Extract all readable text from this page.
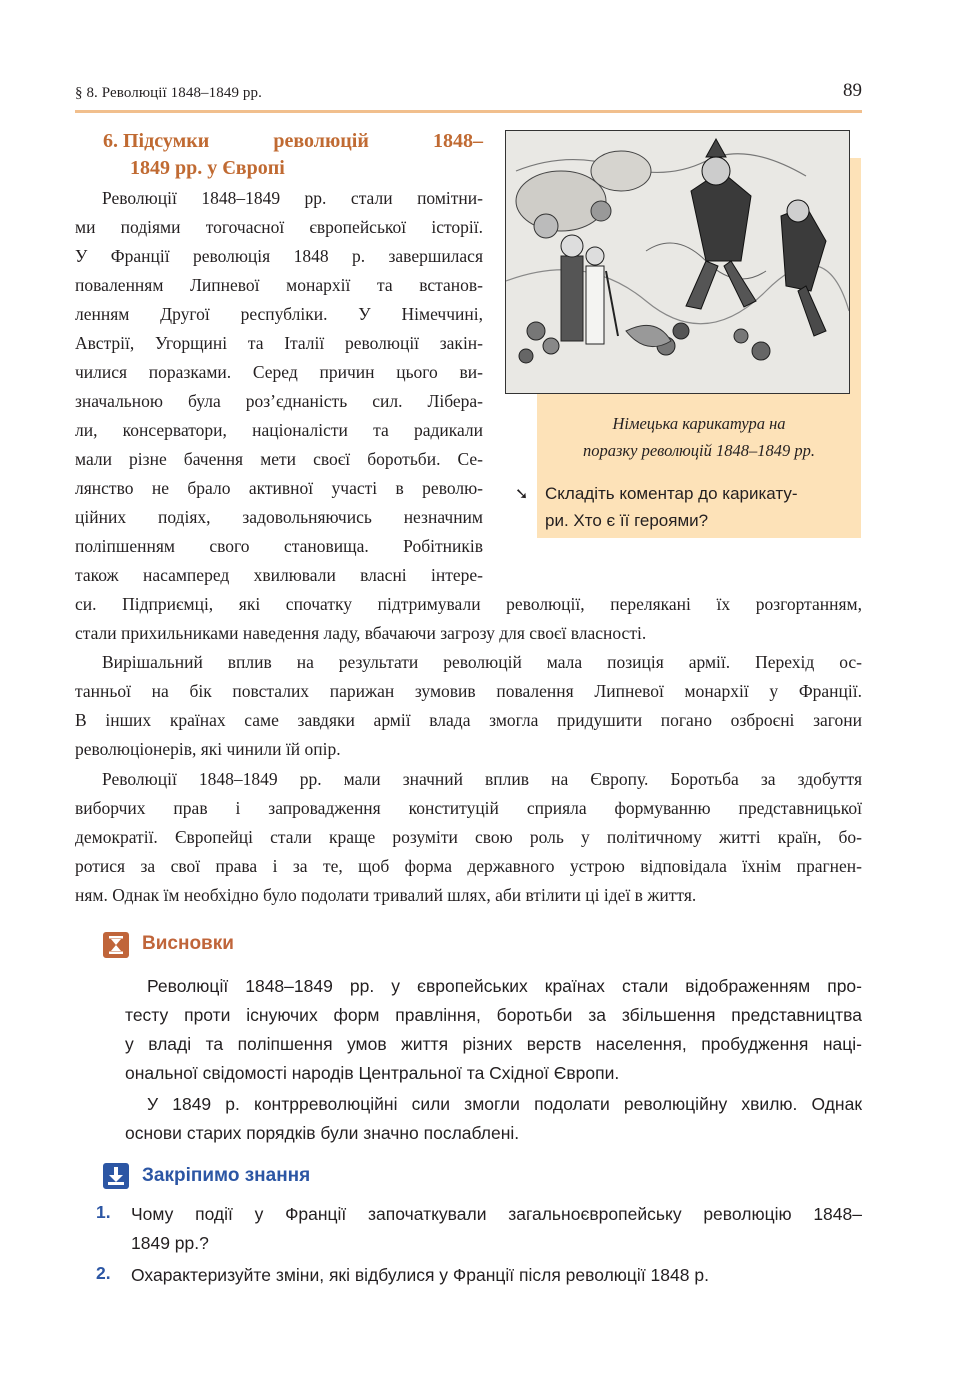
§ 8. Революції 1848–1849 рр.	89
6. Підсумки	революцій	1848–
1849 рр. у Європі
Німецька карикатура на
поразку революцій 1848–1849 рр.
➘ Складіть коментар до карикату-
ри. Хто є її героями?
Революції 1848–1849 рр. стали помітни-
ми подіями тогочасної європейської історії.
У Франції революція 1848 р. завершилася
поваленням Липневої монархії та встанов-
ленням Другої республіки. У Німеччині,
Австрії, Угорщині та Італії революції закін-
чилися поразками. Серед причин цього ви-
значальною була роз’єднаність сил. Лібера-
ли, консерватори, націоналісти та радикали
мали різне бачення мети своєї боротьби. Се-
лянство не брало активної участі в револю-
ційних подіях, задовольняючись незначним
поліпшенням свого становища. Робітників
також насамперед хвилювали власні інтере-
си. Підприємці, які спочатку підтримували революції, перелякані їх розгортанням,
стали прихильниками наведення ладу, вбачаючи загрозу для своєї власності.
Вирішальний вплив на результати революцій мала позиція армії. Перехід ос-
танньої на бік повсталих парижан зумовив повалення Липневої монархії у Франції.
В інших країнах саме завдяки армії влада змогла придушити погано озброєні загони
революціонерів, які чинили їй опір.
Революції 1848–1849 рр. мали значний вплив на Європу. Боротьба за здобуття
виборчих прав і запровадження конституцій сприяла формуванню представницької
демократії. Європейці стали краще розуміти свою роль у політичному житті країн, бо-
ротися за свої права і за те, щоб форма державного устрою відповідала їхнім прагнен-
ням. Однак їм необхідно було подолати тривалий шлях, аби втілити ці ідеї в життя.
Висновки
Революції 1848–1849 рр. у європейських країнах стали відображенням про-
тесту проти існуючих форм правління, боротьби за збільшення представництва
у владі та поліпшення умов життя різних верств населення, пробудження наці-
ональної свідомості народів Центральної та Східної Європи.
У 1849 р. контрреволюційні сили змогли подолати революційну хвилю. Однак
основи старих порядків були значно послаблені.
Закріпимо знання
1. Чому події у Франції започаткували загальноєвропейську революцію 1848–
1849 рр.?
2. Охарактеризуйте зміни, які відбулися у Франції після революції 1848 р.
